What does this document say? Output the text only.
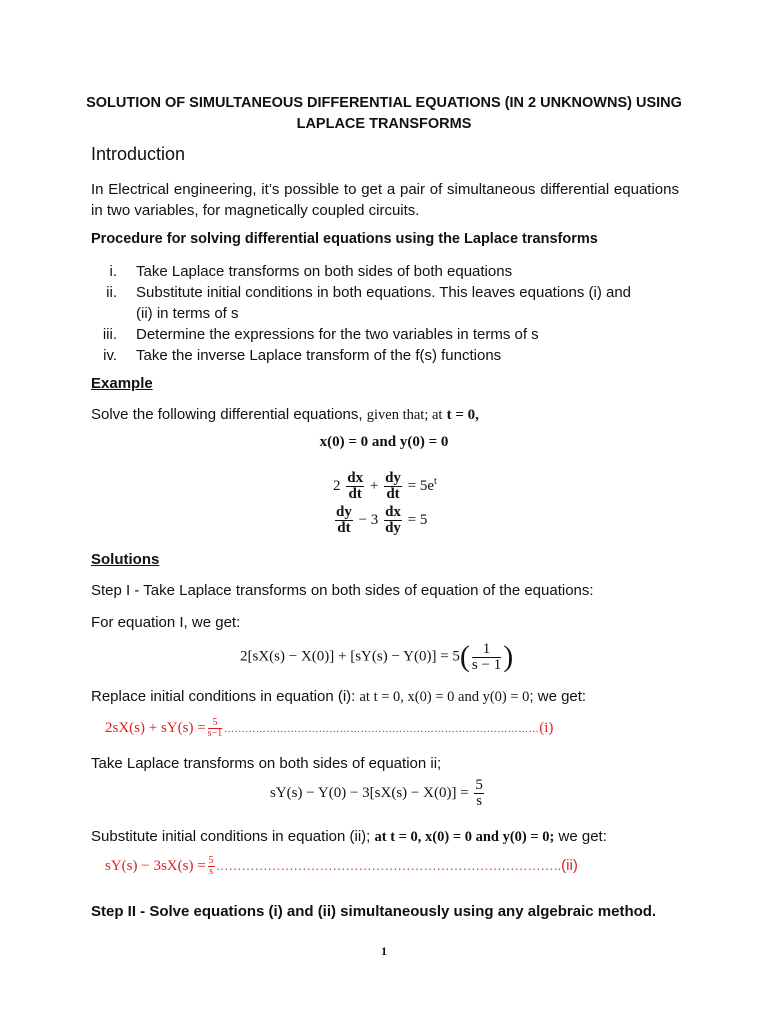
SOLUTION OF SIMULTANEOUS DIFFERENTIAL EQUATIONS (IN 2 UNKNOWNS) USING
LAPLACE TRANSFORMS
Introduction
In Electrical engineering, it’s possible to get a pair of simultaneous differential equations in two variables, for magnetically coupled circuits.
Procedure for solving differential equations using the Laplace transforms
i. Take Laplace transforms on both sides of both equations
ii. Substitute initial conditions in both equations. This leaves equations (i) and
(ii) in terms of s
iii. Determine the expressions for the two variables in terms of s
iv. Take the inverse Laplace transform of the f(s) functions
Example
Solve the following differential equations, given that; at t = 0,
x(0) = 0 and y(0) = 0
$2 \frac{dx}{dt} + \frac{dy}{dt} = 5e^t$
$\frac{dy}{dt} - 3 \frac{dx}{dy} = 5$
Solutions
Step I - Take Laplace transforms on both sides of equation of the equations:
For equation I, we get:
$2[sX(s) - X(0)] + [sY(s) - Y(0)] = 5( \frac{1}{s - 1}$ )
Replace initial conditions in equation (i): at t = 0, x(0) = 0 and y(0) = 0; we get:
$2sX(s) + sY(s) = \frac{5}{s-1}$ ………………………………………………………………………………(i)
Take Laplace transforms on both sides of equation ii;
$sY(s) - Y(0) - 3[sX(s) - X(0)] = \frac{5}{s}$
Substitute initial conditions in equation (ii); at t = 0, x(0) = 0 and y(0) = 0; we get:
$sY(s) - 3sX(s) = \frac{5}{s}$ .…………………………………………………………………….(ii)
Step II - Solve equations (i) and (ii) simultaneously using any algebraic method.
1
